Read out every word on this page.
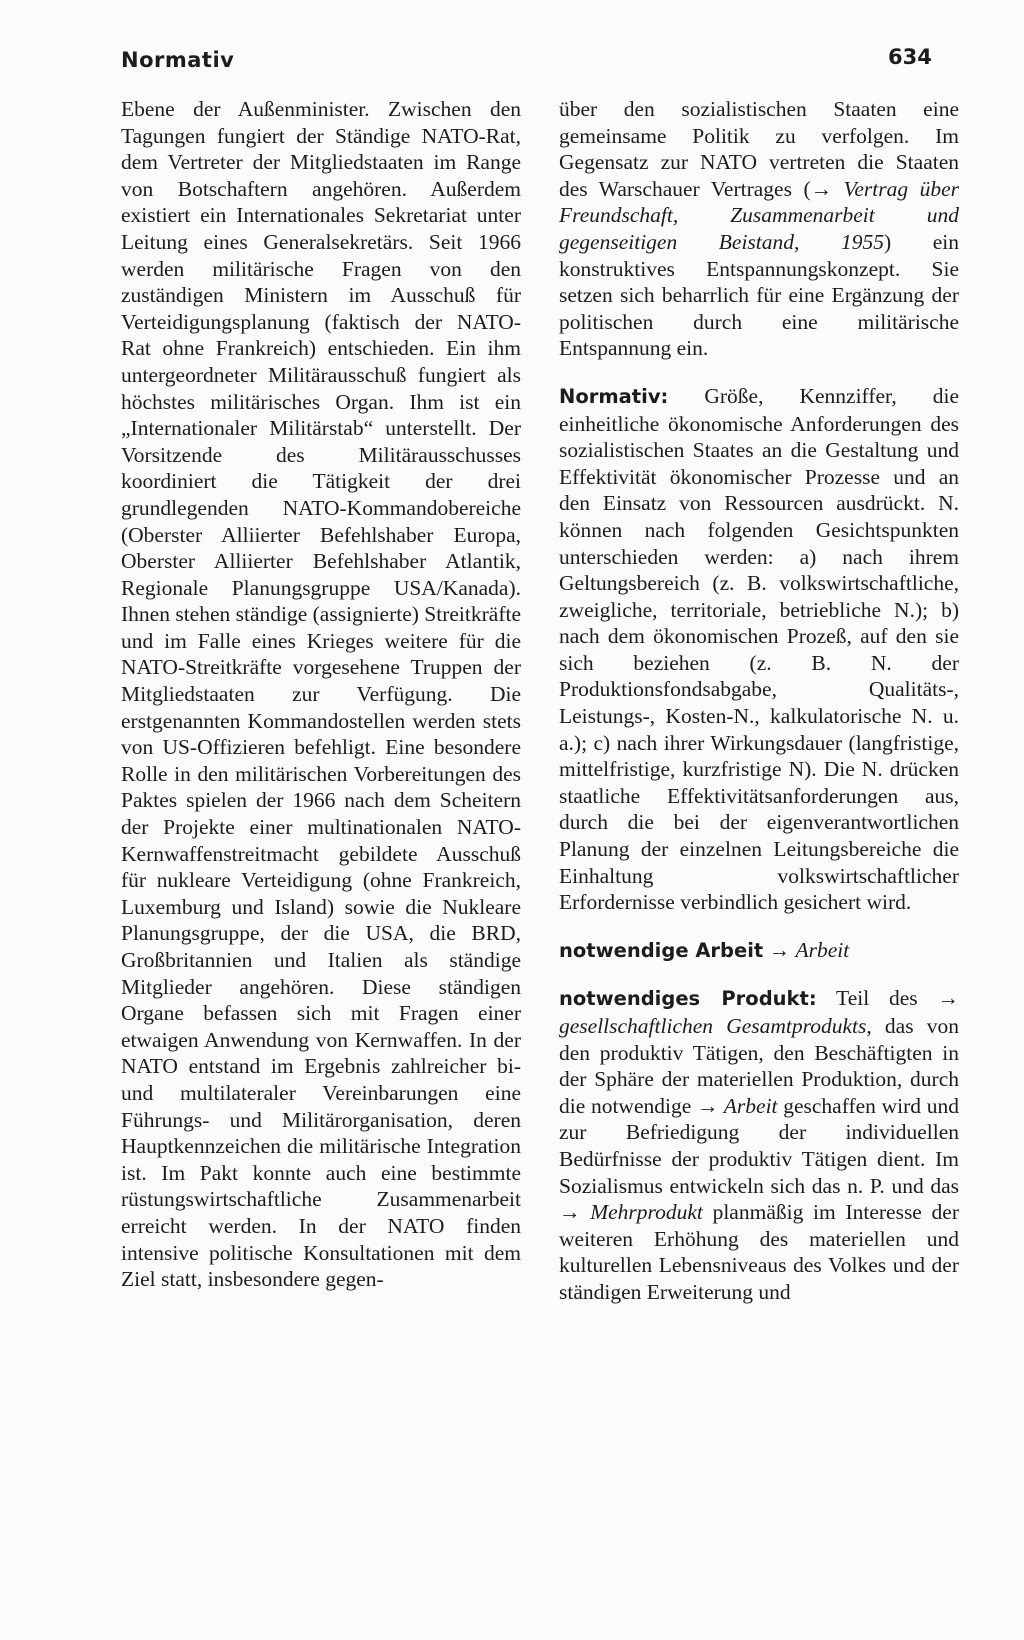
Normativ	634

Ebene der Außenminister. Zwischen den Tagungen fungiert der Ständige NATO-Rat, dem Vertreter der Mitgliedstaaten im Range von Botschaftern angehören. Außerdem existiert ein Internationales Sekretariat unter Leitung eines Generalsekretärs. Seit 1966 werden militärische Fragen von den zuständigen Ministern im Ausschuß für Verteidigungsplanung (faktisch der NATO-Rat ohne Frankreich) entschieden. Ein ihm untergeordneter Militärausschuß fungiert als höchstes militärisches Organ. Ihm ist ein „Internationaler Militärstab“ unterstellt. Der Vorsitzende des Militärausschusses koordiniert die Tätigkeit der drei grundlegenden NATO-Kommandobereiche (Oberster Alliierter Befehlshaber Europa, Oberster Alliierter Befehlshaber Atlantik, Regionale Planungsgruppe USA/Kanada). Ihnen stehen ständige (assignierte) Streitkräfte und im Falle eines Krieges weitere für die NATO-Streitkräfte vorgesehene Truppen der Mitgliedstaaten zur Verfügung. Die erstgenannten Kommandostellen werden stets von US-Offizieren befehligt. Eine besondere Rolle in den militärischen Vorbereitungen des Paktes spielen der 1966 nach dem Scheitern der Projekte einer multinationalen NATO-Kernwaffenstreitmacht gebildete Ausschuß für nukleare Verteidigung (ohne Frankreich, Luxemburg und Island) sowie die Nukleare Planungsgruppe, der die USA, die BRD, Großbritannien und Italien als ständige Mitglieder angehören. Diese ständigen Organe befassen sich mit Fragen einer etwaigen Anwendung von Kernwaffen. In der NATO entstand im Ergebnis zahlreicher bi- und multilateraler Vereinbarungen eine Führungs- und Militärorganisation, deren Hauptkennzeichen die militärische Integration ist. Im Pakt konnte auch eine bestimmte rüstungswirtschaftliche Zusammenarbeit erreicht werden. In der NATO finden intensive politische Konsultationen mit dem Ziel statt, insbesondere gegen-

über den sozialistischen Staaten eine gemeinsame Politik zu verfolgen. Im Gegensatz zur NATO vertreten die Staaten des Warschauer Vertrages (→ Vertrag über Freundschaft, Zusammenarbeit und gegenseitigen Beistand, 1955) ein konstruktives Entspannungskonzept. Sie setzen sich beharrlich für eine Ergänzung der politischen durch eine militärische Entspannung ein.

Normativ: Größe, Kennziffer, die einheitliche ökonomische Anforderungen des sozialistischen Staates an die Gestaltung und Effektivität ökonomischer Prozesse und an den Einsatz von Ressourcen ausdrückt. N. können nach folgenden Gesichtspunkten unterschieden werden: a) nach ihrem Geltungsbereich (z. B. volkswirtschaftliche, zweigliche, territoriale, betriebliche N.); b) nach dem ökonomischen Prozeß, auf den sie sich beziehen (z. B. N. der Produktionsfondsabgabe, Qualitäts-, Leistungs-, Kosten-N., kalkulatorische N. u. a.); c) nach ihrer Wirkungsdauer (langfristige, mittelfristige, kurzfristige N). Die N. drücken staatliche Effektivitätsanforderungen aus, durch die bei der eigenverantwortlichen Planung der einzelnen Leitungsbereiche die Einhaltung volkswirtschaftlicher Erfordernisse verbindlich gesichert wird.

notwendige Arbeit → Arbeit

notwendiges Produkt: Teil des → gesellschaftlichen Gesamtprodukts, das von den produktiv Tätigen, den Beschäftigten in der Sphäre der materiellen Produktion, durch die notwendige → Arbeit geschaffen wird und zur Befriedigung der individuellen Bedürfnisse der produktiv Tätigen dient. Im Sozialismus entwickeln sich das n. P. und das → Mehrprodukt planmäßig im Interesse der weiteren Erhöhung des materiellen und kulturellen Lebensniveaus des Volkes und der ständigen Erweiterung und
